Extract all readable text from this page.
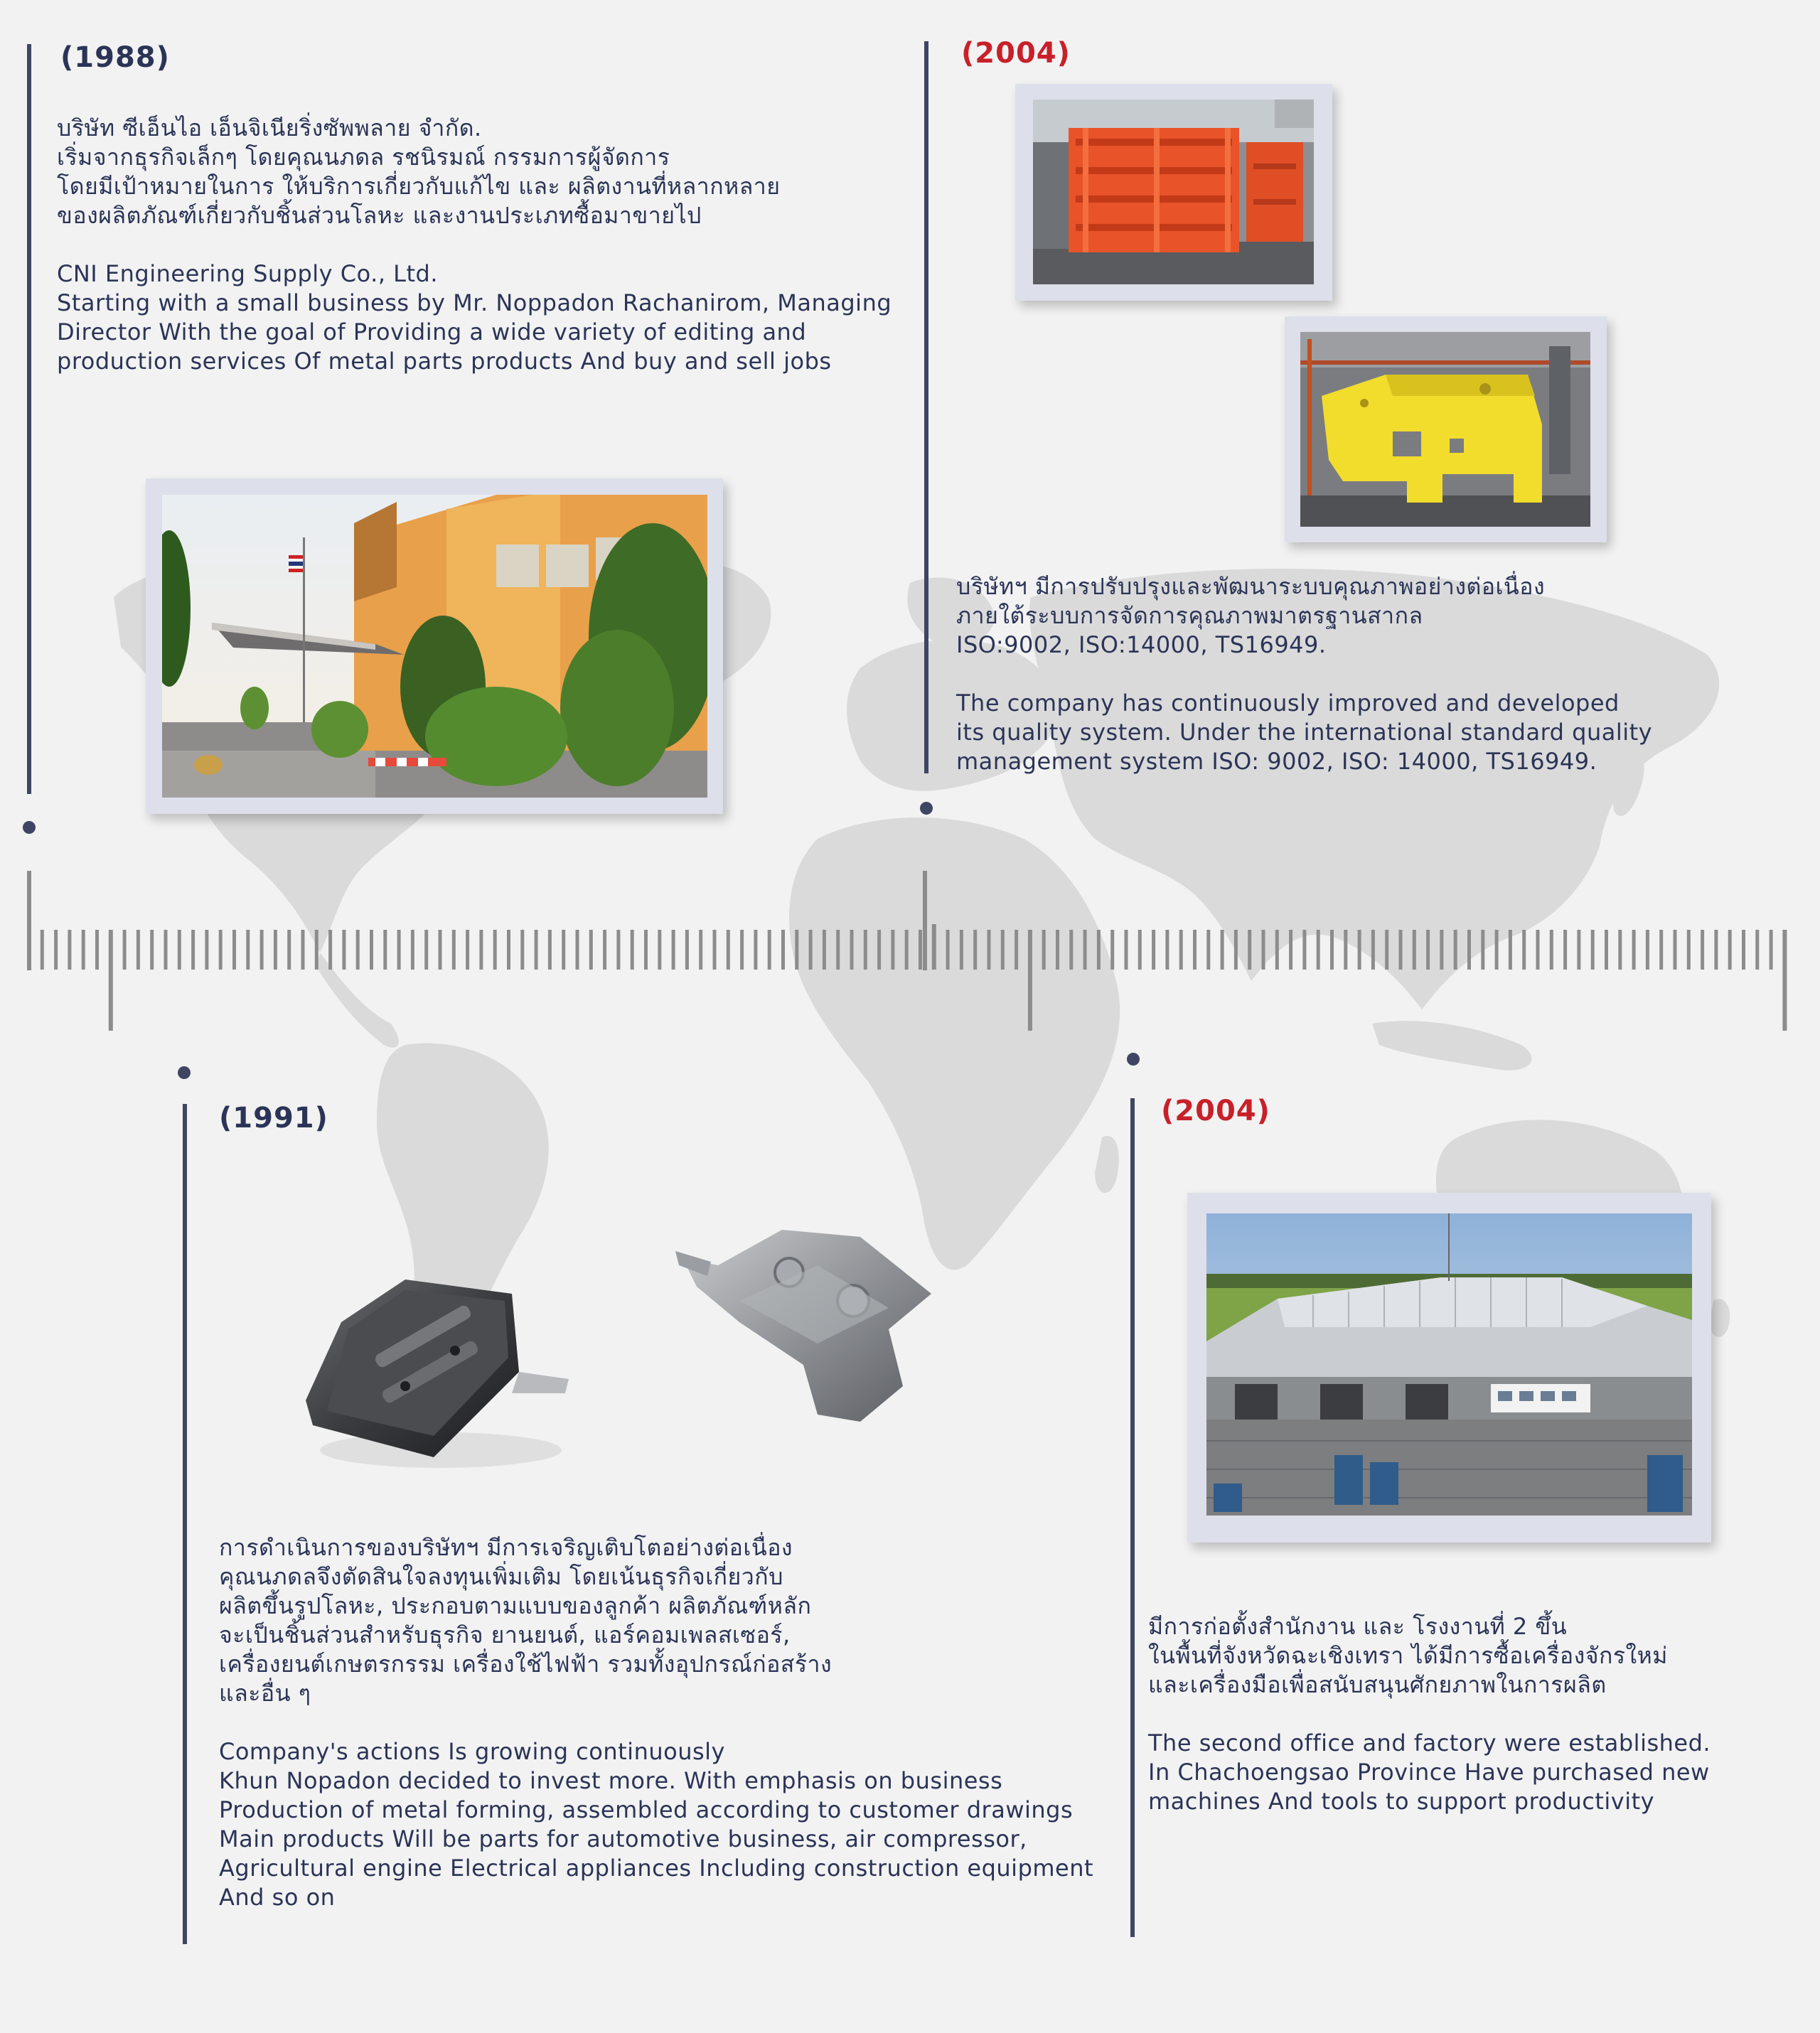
(1988)

บริษัท ซีเอ็นไอ เอ็นจิเนียริ่งซัพพลาย จำกัด.

เริ่มจากธุรกิจเล็กๆ โดยคุณนภดล รชนิรมณ์ กรรมการผู้จัดการ

โดยมีเป้าหมายในการ ให้บริการเกี่ยวกับแก้ไข และ ผลิตงานที่หลากหลาย

ของผลิตภัณฑ์เกี่ยวกับชิ้นส่วนโลหะ และงานประเภทซื้อมาขายไป

CNI Engineering Supply Co., Ltd.

Starting with a small business by Mr. Noppadon Rachanirom, Managing

Director With the goal of Providing a wide variety of editing and

production services Of metal parts products And buy and sell jobs

(2004)

บริษัทฯ มีการปรับปรุงและพัฒนาระบบคุณภาพอย่างต่อเนื่อง

ภายใต้ระบบการจัดการคุณภาพมาตรฐานสากล

ISO:9002, ISO:14000, TS16949.

The company has continuously improved and developed

its quality system. Under the international standard quality

management system ISO: 9002, ISO: 14000, TS16949.

(1991)

การดำเนินการของบริษัทฯ มีการเจริญเติบโตอย่างต่อเนื่อง

คุณนภดลจึงตัดสินใจลงทุนเพิ่มเติม โดยเน้นธุรกิจเกี่ยวกับ

ผลิตขึ้นรูปโลหะ, ประกอบตามแบบของลูกค้า ผลิตภัณฑ์หลัก

จะเป็นชิ้นส่วนสำหรับธุรกิจ ยานยนต์, แอร์คอมเพลสเซอร์,

เครื่องยนต์เกษตรกรรม เครื่องใช้ไฟฟ้า รวมทั้งอุปกรณ์ก่อสร้าง

และอื่น ๆ

Company's actions Is growing continuously

Khun Nopadon decided to invest more. With emphasis on business

Production of metal forming, assembled according to customer drawings

Main products Will be parts for automotive business, air compressor,

Agricultural engine Electrical appliances Including construction equipment

And so on

(2004)

มีการก่อตั้งสำนักงาน และ โรงงานที่ 2 ขึ้น

ในพื้นที่จังหวัดฉะเชิงเทรา ได้มีการซื้อเครื่องจักรใหม่

และเครื่องมือเพื่อสนับสนุนศักยภาพในการผลิต

The second office and factory were established.

In Chachoengsao Province Have purchased new

machines And tools to support productivity
